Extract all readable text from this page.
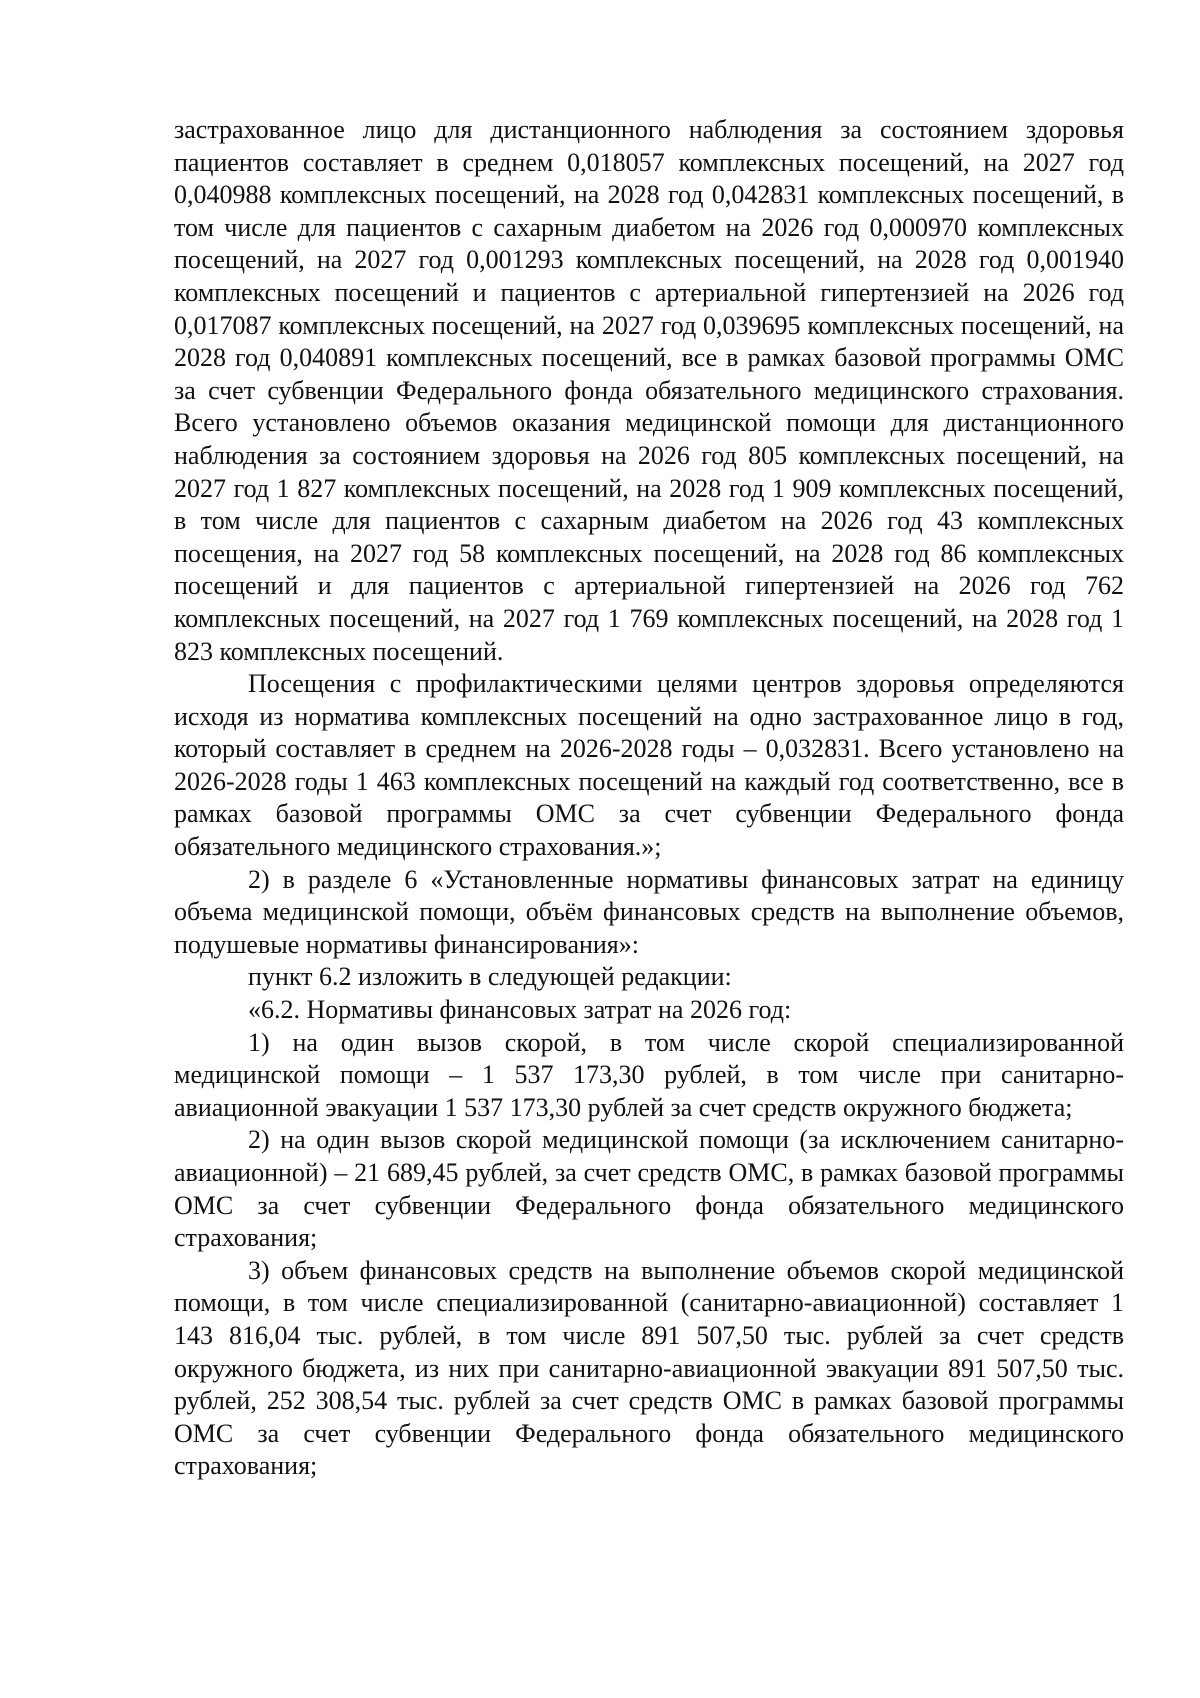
застрахованное лицо для дистанционного наблюдения за состоянием здоровья пациентов составляет в среднем 0,018057 комплексных посещений, на 2027 год 0,040988 комплексных посещений, на 2028 год 0,042831 комплексных посещений, в том числе для пациентов с сахарным диабетом на 2026 год 0,000970 комплексных посещений, на 2027 год 0,001293 комплексных посещений, на 2028 год 0,001940 комплексных посещений и пациентов с артериальной гипертензией на 2026 год 0,017087 комплексных посещений, на 2027 год 0,039695 комплексных посещений, на 2028 год 0,040891 комплексных посещений, все в рамках базовой программы ОМС за счет субвенции Федерального фонда обязательного медицинского страхования. Всего установлено объемов оказания медицинской помощи для дистанционного наблюдения за состоянием здоровья на 2026 год 805 комплексных посещений, на 2027 год 1 827 комплексных посещений, на 2028 год 1 909 комплексных посещений, в том числе для пациентов с сахарным диабетом на 2026 год 43 комплексных посещения, на 2027 год 58 комплексных посещений, на 2028 год 86 комплексных посещений и для пациентов с артериальной гипертензией на 2026 год 762 комплексных посещений, на 2027 год 1 769 комплексных посещений, на 2028 год 1 823 комплексных посещений.

Посещения с профилактическими целями центров здоровья определяются исходя из норматива комплексных посещений на одно застрахованное лицо в год, который составляет в среднем на 2026-2028 годы – 0,032831. Всего установлено на 2026-2028 годы 1 463 комплексных посещений на каждый год соответственно, все в рамках базовой программы ОМС за счет субвенции Федерального фонда обязательного медицинского страхования.»;

2) в разделе 6 «Установленные нормативы финансовых затрат на единицу объема медицинской помощи, объём финансовых средств на выполнение объемов, подушевые нормативы финансирования»:

пункт 6.2 изложить в следующей редакции:

«6.2. Нормативы финансовых затрат на 2026 год:

1) на один вызов скорой, в том числе скорой специализированной медицинской помощи – 1 537 173,30 рублей, в том числе при санитарно-авиационной эвакуации 1 537 173,30 рублей за счет средств окружного бюджета;

2) на один вызов скорой медицинской помощи (за исключением санитарно-авиационной) – 21 689,45 рублей, за счет средств ОМС, в рамках базовой программы ОМС за счет субвенции Федерального фонда обязательного медицинского страхования;

3) объем финансовых средств на выполнение объемов скорой медицинской помощи, в том числе специализированной (санитарно-авиационной) составляет 1 143 816,04 тыс. рублей, в том числе 891 507,50 тыс. рублей за счет средств окружного бюджета, из них при санитарно-авиационной эвакуации 891 507,50 тыс. рублей, 252 308,54 тыс. рублей за счет средств ОМС в рамках базовой программы ОМС за счет субвенции Федерального фонда обязательного медицинского страхования;
